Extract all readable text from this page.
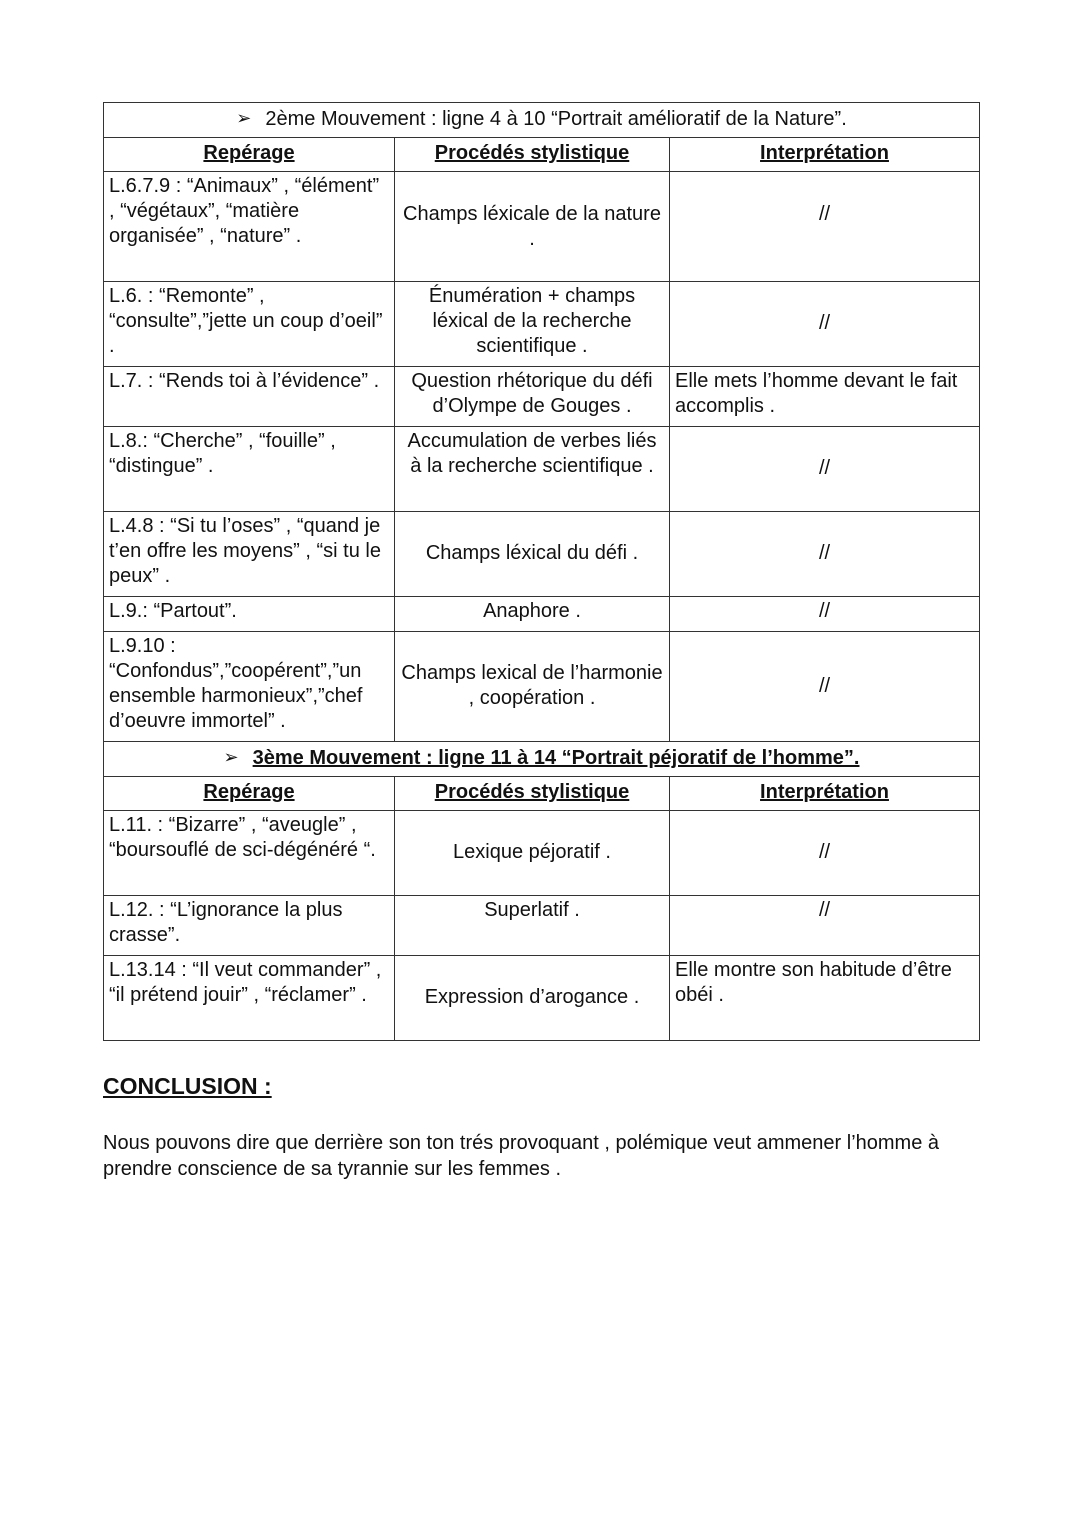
➢ 2ème Mouvement : ligne 4 à 10 “Portrait amélioratif de la Nature”.		
Repérage	Procédés stylistique	Interprétation
L.6.7.9 : “Animaux” , “élément” , “végétaux”, “matière organisée” , “nature” .	Champs léxicale de la nature .	//
L.6. : “Remonte” , “consulte”,”jette un coup d’oeil” .	Énumération + champs léxical de la recherche scientifique .	//
L.7. : “Rends toi à l’évidence” .	Question rhétorique du défi d’Olympe de Gouges .	Elle mets l’homme devant le fait accomplis .
L.8.: “Cherche” , “fouille” , “distingue” .	Accumulation de verbes liés à la recherche scientifique .	//
L.4.8 : “Si tu l’oses” , “quand je t’en offre les moyens” , “si tu le peux” .	Champs léxical du défi .	//
L.9.: “Partout”.	Anaphore .	//
L.9.10 : “Confondus”,”coopérent”,”un ensemble harmonieux”,”chef d’oeuvre immortel” .	Champs lexical de l’harmonie , coopération .	//
➢ 3ème Mouvement : ligne 11 à 14 “Portrait péjoratif de l’homme”.		
Repérage	Procédés stylistique	Interprétation
L.11. : “Bizarre” , “aveugle” , “boursouflé de sci-dégénéré “.	Lexique péjoratif .	//
L.12. : “L’ignorance la plus crasse”.	Superlatif .	//
L.13.14 : “Il veut commander” , “il prétend jouir” , “réclamer” .	Expression d’arogance .	Elle montre son habitude d’être obéi .
CONCLUSION :

Nous pouvons dire que derrière son ton trés provoquant , polémique veut ammener l’homme à prendre conscience de sa tyrannie sur les femmes .
